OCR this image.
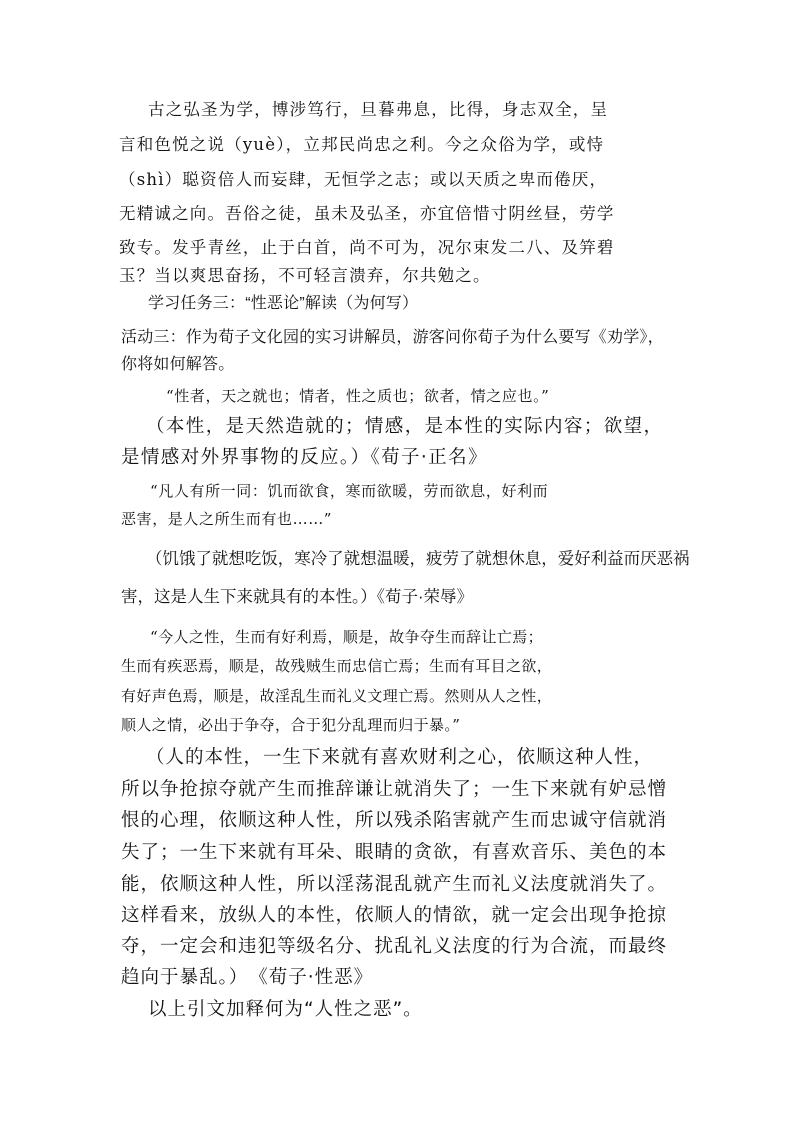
古之弘圣为学，博涉笃行，旦暮弗息，比得，身志双全，呈
言和色悦之说（yuè），立邦民尚忠之利。今之众俗为学，或恃
（shì）聪资倍人而妄肆，无恒学之志；或以天质之卑而倦厌，
无精诚之向。吾俗之徒，虽未及弘圣，亦宜倍惜寸阴丝昼，劳学
致专。发乎青丝，止于白首，尚不可为，况尔束发二八、及笄碧
玉？当以爽思奋扬，不可轻言溃弃，尔共勉之。
学习任务三：“性恶论”解读（为何写）
活动三：作为荀子文化园的实习讲解员，游客问你荀子为什么要写《劝学》，
你将如何解答。
“性者，天之就也；情者，性之质也；欲者，情之应也。”
（本性，是天然造就的；情感，是本性的实际内容；欲望，
是情感对外界事物的反应。）《荀子·正名》
“凡人有所一同：饥而欲食，寒而欲暖，劳而欲息，好利而
恶害，是人之所生而有也……”
（饥饿了就想吃饭，寒冷了就想温暖，疲劳了就想休息，爱好利益而厌恶祸
害，这是人生下来就具有的本性。）《荀子·荣辱》
“今人之性，生而有好利焉，顺是，故争夺生而辞让亡焉；
生而有疾恶焉，顺是，故残贼生而忠信亡焉；生而有耳目之欲，
有好声色焉，顺是，故淫乱生而礼义文理亡焉。然则从人之性，
顺人之情，必出于争夺，合于犯分乱理而归于暴。”
（人的本性，一生下来就有喜欢财利之心，依顺这种人性，
所以争抢掠夺就产生而推辞谦让就消失了；一生下来就有妒忌憎
恨的心理，依顺这种人性，所以残杀陷害就产生而忠诚守信就消
失了；一生下来就有耳朵、眼睛的贪欲，有喜欢音乐、美色的本
能，依顺这种人性，所以淫荡混乱就产生而礼义法度就消失了。
这样看来，放纵人的本性，依顺人的情欲，就一定会出现争抢掠
夺，一定会和违犯等级名分、扰乱礼义法度的行为合流，而最终
趋向于暴乱。）　《荀子·性恶》
以上引文加释何为“人性之恶”。
